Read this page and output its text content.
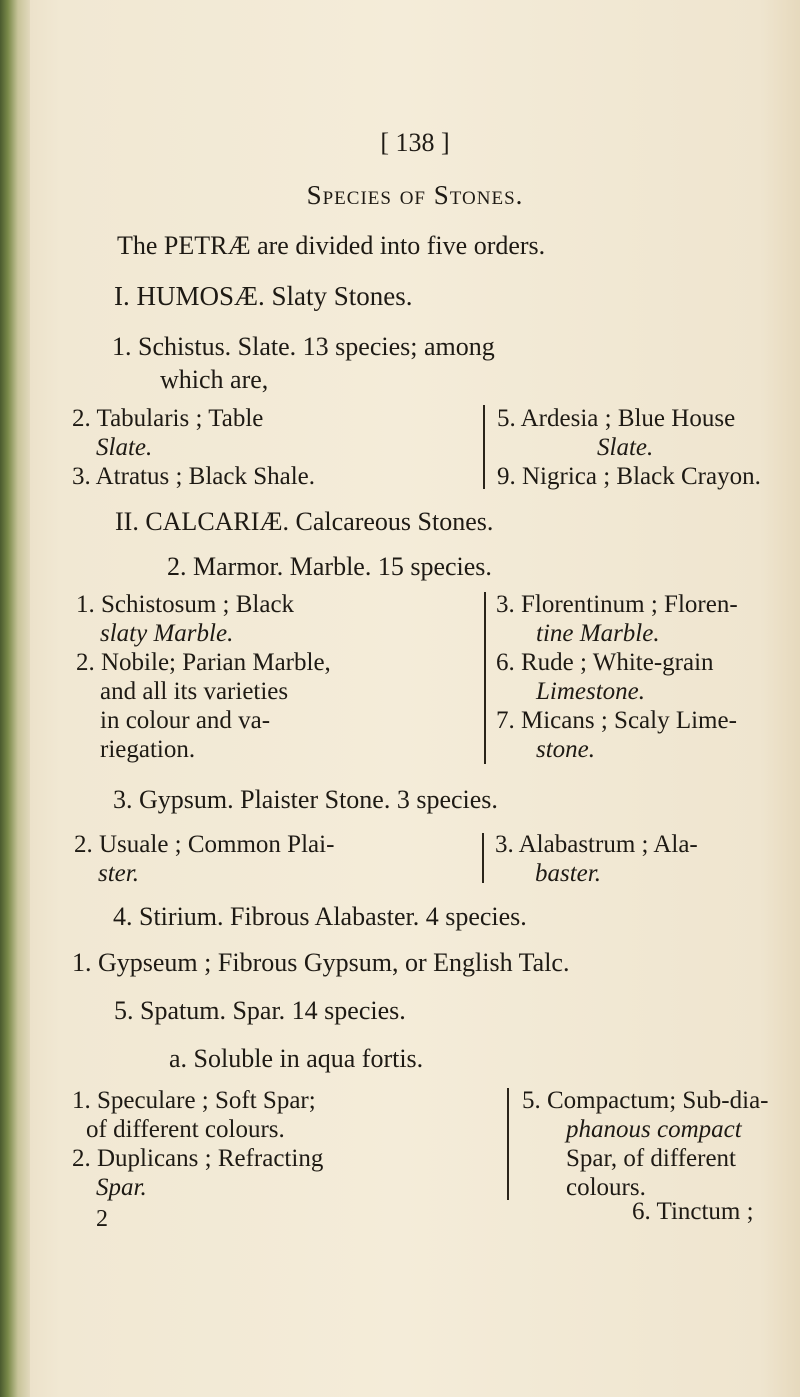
[ 138 ]
Species of Stones.
The PETRÆ are divided into five orders.
I. HUMOSÆ. Slaty Stones.
1. Schistus. Slate. 13 species; among
which are,

2. Tabularis ; Table

Slate.

3. Atratus ; Black Shale.

5. Ardesia ; Blue House

Slate.

9. Nigrica ; Black Crayon.

II. CALCARIÆ. Calcareous Stones.
2. Marmor. Marble. 15 species.

1. Schistosum ; Black

slaty Marble.

2. Nobile; Parian Marble,

and all its varieties

in colour and va-

riegation.

3. Florentinum ; Floren-

tine Marble.

6. Rude ; White-grain

Limestone.

7. Micans ; Scaly Lime-

stone.

3. Gypsum. Plaister Stone. 3 species.

2. Usuale ; Common Plai-

ster.

3. Alabastrum ; Ala-

baster.

4. Stirium. Fibrous Alabaster. 4 species.
1. Gypseum ; Fibrous Gypsum, or English Talc.
5. Spatum. Spar. 14 species.
a. Soluble in aqua fortis.

1. Speculare ; Soft Spar;

of different colours.

2. Duplicans ; Refracting

Spar.

5. Compactum; Sub-dia-

phanous compact

Spar, of different

colours.

2	6. Tinctum ;
